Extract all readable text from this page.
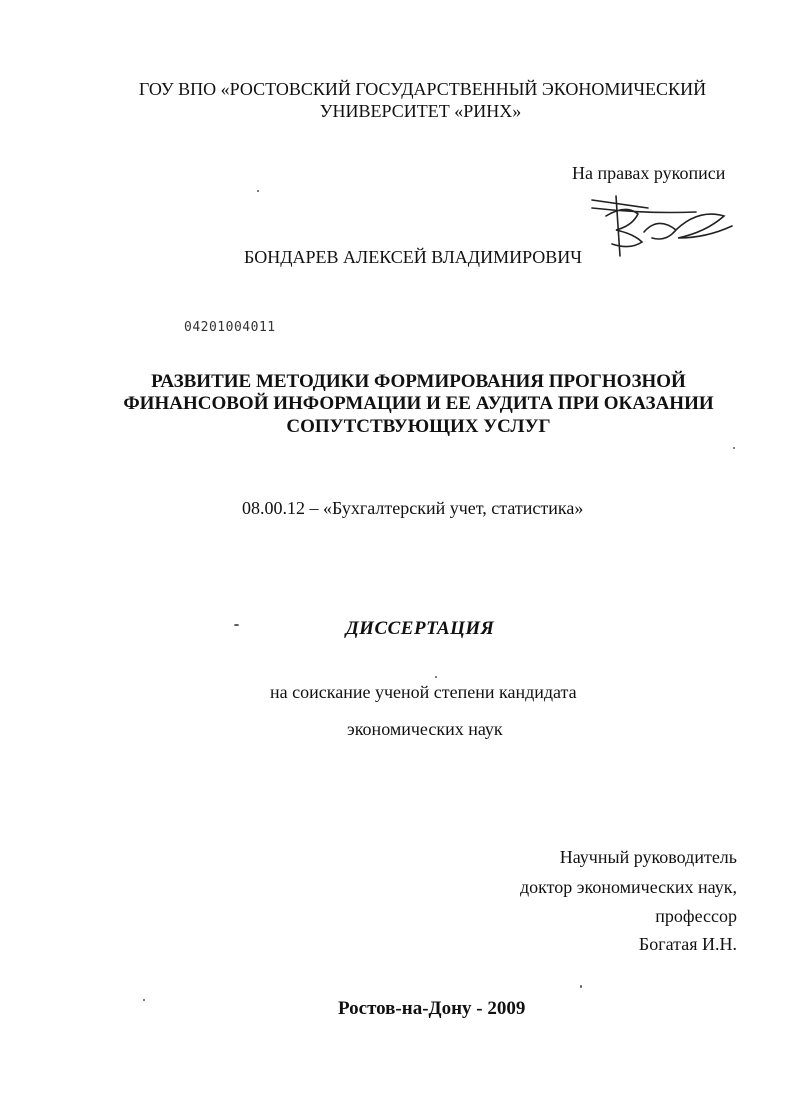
ГОУ ВПО «РОСТОВСКИЙ ГОСУДАРСТВЕННЫЙ ЭКОНОМИЧЕСКИЙ
УНИВЕРСИТЕТ «РИНХ»
На правах рукописи
БОНДАРЕВ АЛЕКСЕЙ ВЛАДИМИРОВИЧ
04201004011
РАЗВИТИЕ МЕТОДИКИ ФОРМИРОВАНИЯ ПРОГНОЗНОЙ
ФИНАНСОВОЙ ИНФОРМАЦИИ И ЕЕ АУДИТА ПРИ ОКАЗАНИИ
СОПУТСТВУЮЩИХ УСЛУГ
08.00.12 – «Бухгалтерский учет, статистика»
ДИССЕРТАЦИЯ
на соискание ученой степени кандидата
экономических наук
Научный руководитель
доктор экономических наук,
профессор
Богатая И.Н.
Ростов-на-Дону - 2009
